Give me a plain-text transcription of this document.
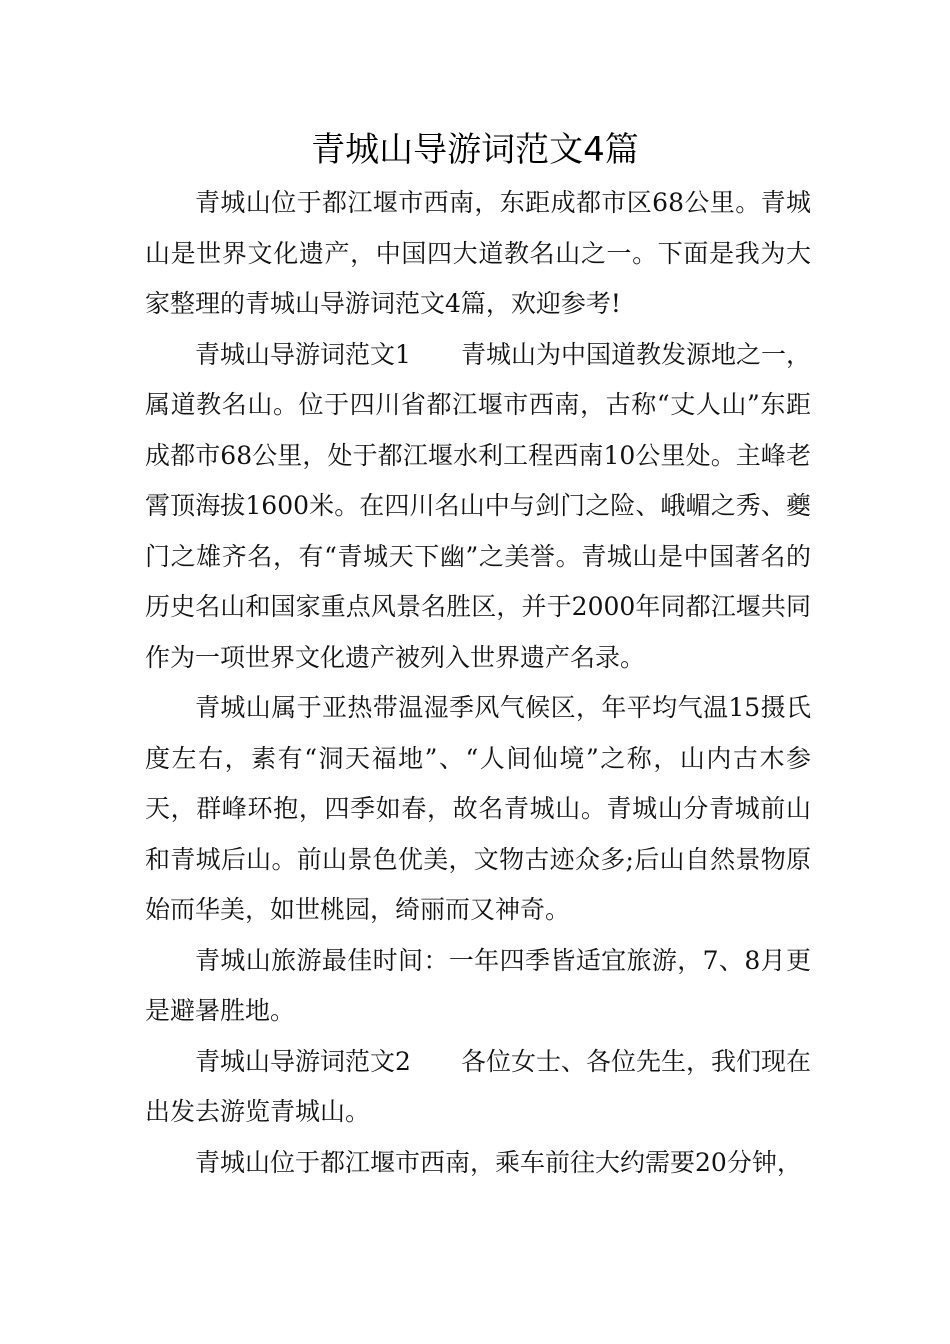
青城山导游词范文4篇

青城山位于都江堰市西南，东距成都市区68公里。青城山是世界文化遗产，中国四大道教名山之一。下面是我为大家整理的青城山导游词范文4篇，欢迎参考!

青城山导游词范文1 青城山为中国道教发源地之一，属道教名山。位于四川省都江堰市西南，古称“丈人山”东距成都市68公里，处于都江堰水利工程西南10公里处。主峰老霄顶海拔1600米。在四川名山中与剑门之险、峨嵋之秀、夔门之雄齐名，有“青城天下幽”之美誉。青城山是中国著名的历史名山和国家重点风景名胜区，并于2000年同都江堰共同作为一项世界文化遗产被列入世界遗产名录。

青城山属于亚热带温湿季风气候区，年平均气温15摄氏度左右，素有“洞天福地”、“人间仙境”之称，山内古木参天，群峰环抱，四季如春，故名青城山。青城山分青城前山和青城后山。前山景色优美，文物古迹众多;后山自然景物原始而华美，如世桃园，绮丽而又神奇。

青城山旅游最佳时间：一年四季皆适宜旅游，7、8月更是避暑胜地。

青城山导游词范文2 各位女士、各位先生，我们现在出发去游览青城山。

青城山位于都江堰市西南，乘车前往大约需要20分钟，
